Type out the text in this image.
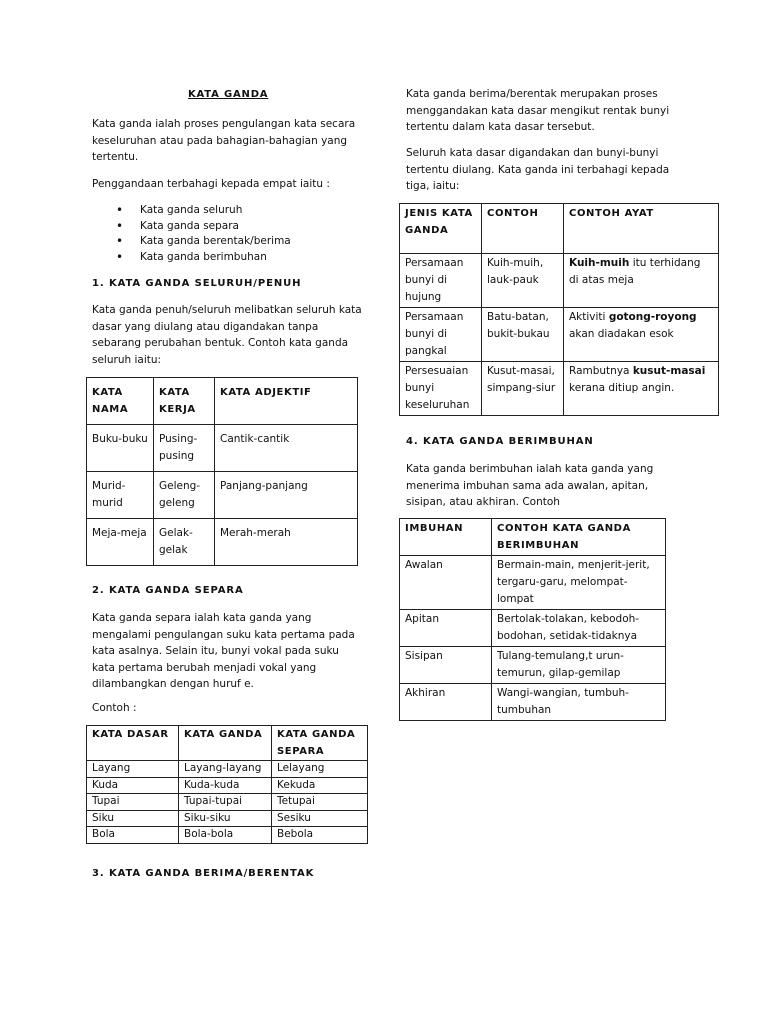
KATA GANDA

Kata ganda ialah proses pengulangan kata secara keseluruhan atau pada bahagian-bahagian yang tertentu.

Penggandaan terbahagi kepada empat iaitu :

• Kata ganda seluruh
• Kata ganda separa
• Kata ganda berentak/berima
• Kata ganda berimbuhan
1. KATA GANDA SELURUH/PENUH

Kata ganda penuh/seluruh melibatkan seluruh kata dasar yang diulang atau digandakan tanpa sebarang perubahan bentuk. Contoh kata ganda seluruh iaitu:

KATA NAMA	KATA KERJA	KATA ADJEKTIF
Buku-buku	Pusing-pusing	Cantik-cantik
Murid-murid	Geleng-geleng	Panjang-panjang
Meja-meja	Gelak-gelak	Merah-merah
2. KATA GANDA SEPARA

Kata ganda separa ialah kata ganda yang mengalami pengulangan suku kata pertama pada kata asalnya. Selain itu, bunyi vokal pada suku kata pertama berubah menjadi vokal yang dilambangkan dengan huruf e.

Contoh :
KATA DASAR	KATA GANDA	KATA GANDA SEPARA
Layang	Layang-layang	Lelayang
Kuda	Kuda-kuda	Kekuda
Tupai	Tupai-tupai	Tetupai
Siku	Siku-siku	Sesiku
Bola	Bola-bola	Bebola
3. KATA GANDA BERIMA/BERENTAK

Kata ganda berima/berentak merupakan proses menggandakan kata dasar mengikut rentak bunyi tertentu dalam kata dasar tersebut.

Seluruh kata dasar digandakan dan bunyi-bunyi tertentu diulang. Kata ganda ini terbahagi kepada tiga, iaitu:

JENIS KATA GANDA	CONTOH	CONTOH AYAT
Persamaan bunyi di hujung	Kuih-muih, lauk-pauk	Kuih-muih itu terhidang di atas meja
Persamaan bunyi di pangkal	Batu-batan, bukit-bukau	Aktiviti gotong-royong akan diadakan esok
Persesuaian bunyi keseluruhan	Kusut-masai, simpang-siur	Rambutnya kusut-masai kerana ditiup angin.
4. KATA GANDA BERIMBUHAN

Kata ganda berimbuhan ialah kata ganda yang menerima imbuhan sama ada awalan, apitan, sisipan, atau akhiran. Contoh

IMBUHAN	CONTOH KATA GANDA BERIMBUHAN
Awalan	Bermain-main, menjerit-jerit, tergaru-garu, melompat-lompat
Apitan	Bertolak-tolakan, kebodoh-bodohan, setidak-tidaknya
Sisipan	Tulang-temulang,t urun-temurun, gilap-gemilap
Akhiran	Wangi-wangian, tumbuh-tumbuhan
